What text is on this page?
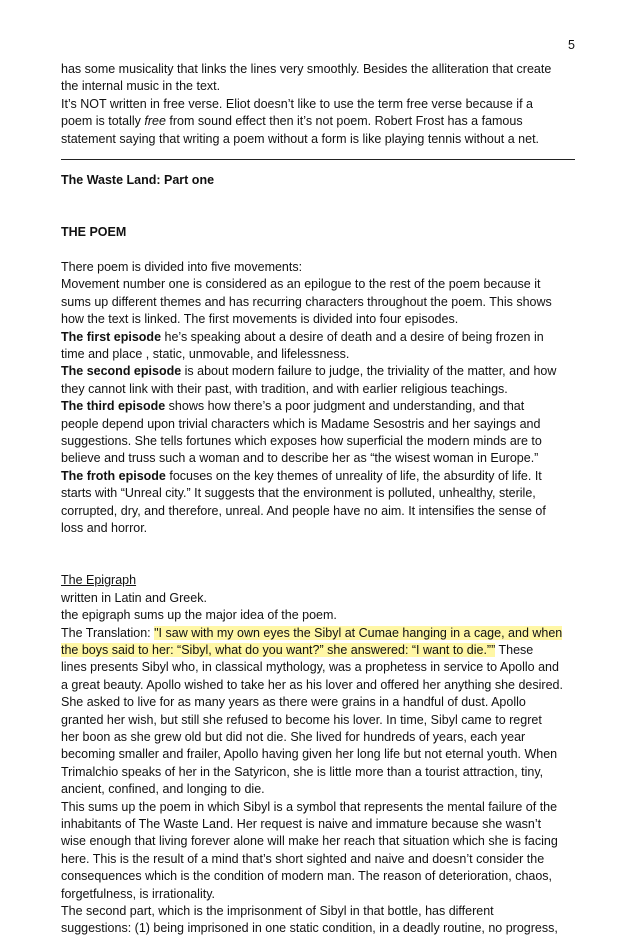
5
has some musicality that links the lines very smoothly. Besides the alliteration that create
the internal music in the text.
It’s NOT written in free verse. Eliot doesn’t like to use the term free verse because if a
poem is totally free from sound effect then it’s not poem. Robert Frost has a famous
statement saying that writing a poem without a form is like playing tennis without a net.
The Waste Land: Part one
THE POEM
There poem is divided into five movements:
Movement number one is considered as an epilogue to the rest of the poem because it
sums up different themes and has recurring characters throughout the poem. This shows
how the text is linked. The first movements is divided into four episodes.
The first episode he’s speaking about a desire of death and a desire of being frozen in
time and place , static, unmovable, and lifelessness.
The second episode is about modern failure to judge, the triviality of the matter, and how
they cannot link with their past, with tradition, and with earlier religious teachings.
The third episode shows how there’s a poor judgment and understanding, and that
people depend upon trivial characters which is Madame Sesostris and her sayings and
suggestions. She tells fortunes which exposes how superficial the modern minds are to
believe and truss such a woman and to describe her as “the wisest woman in Europe.”
The froth episode focuses on the key themes of unreality of life, the absurdity of life. It
starts with “Unreal city.” It suggests that the environment is polluted, unhealthy, sterile,
corrupted, dry, and therefore, unreal. And people have no aim. It intensifies the sense of
loss and horror.
The Epigraph
written in Latin and Greek.
the epigraph sums up the major idea of the poem.
The Translation: "I saw with my own eyes the Sibyl at Cumae hanging in a cage, and when
the boys said to her: “Sibyl, what do you want?” she answered: “I want to die.”” These
lines presents Sibyl who, in classical mythology, was a prophetess in service to Apollo and
a great beauty. Apollo wished to take her as his lover and offered her anything she desired.
She asked to live for as many years as there were grains in a handful of dust. Apollo
granted her wish, but still she refused to become his lover. In time, Sibyl came to regret
her boon as she grew old but did not die. She lived for hundreds of years, each year
becoming smaller and frailer, Apollo having given her long life but not eternal youth. When
Trimalchio speaks of her in the Satyricon, she is little more than a tourist attraction, tiny,
ancient, confined, and longing to die.
This sums up the poem in which Sibyl is a symbol that represents the mental failure of the
inhabitants of The Waste Land. Her request is naive and immature because she wasn’t
wise enough that living forever alone will make her reach that situation which she is facing
here. This is the result of a mind that’s short sighted and naive and doesn’t consider the
consequences which is the condition of modern man. The reason of deterioration, chaos,
forgetfulness, is irrationality.
The second part, which is the imprisonment of Sibyl in that bottle, has different
suggestions: (1) being imprisoned in one static condition, in a deadly routine, no progress,
